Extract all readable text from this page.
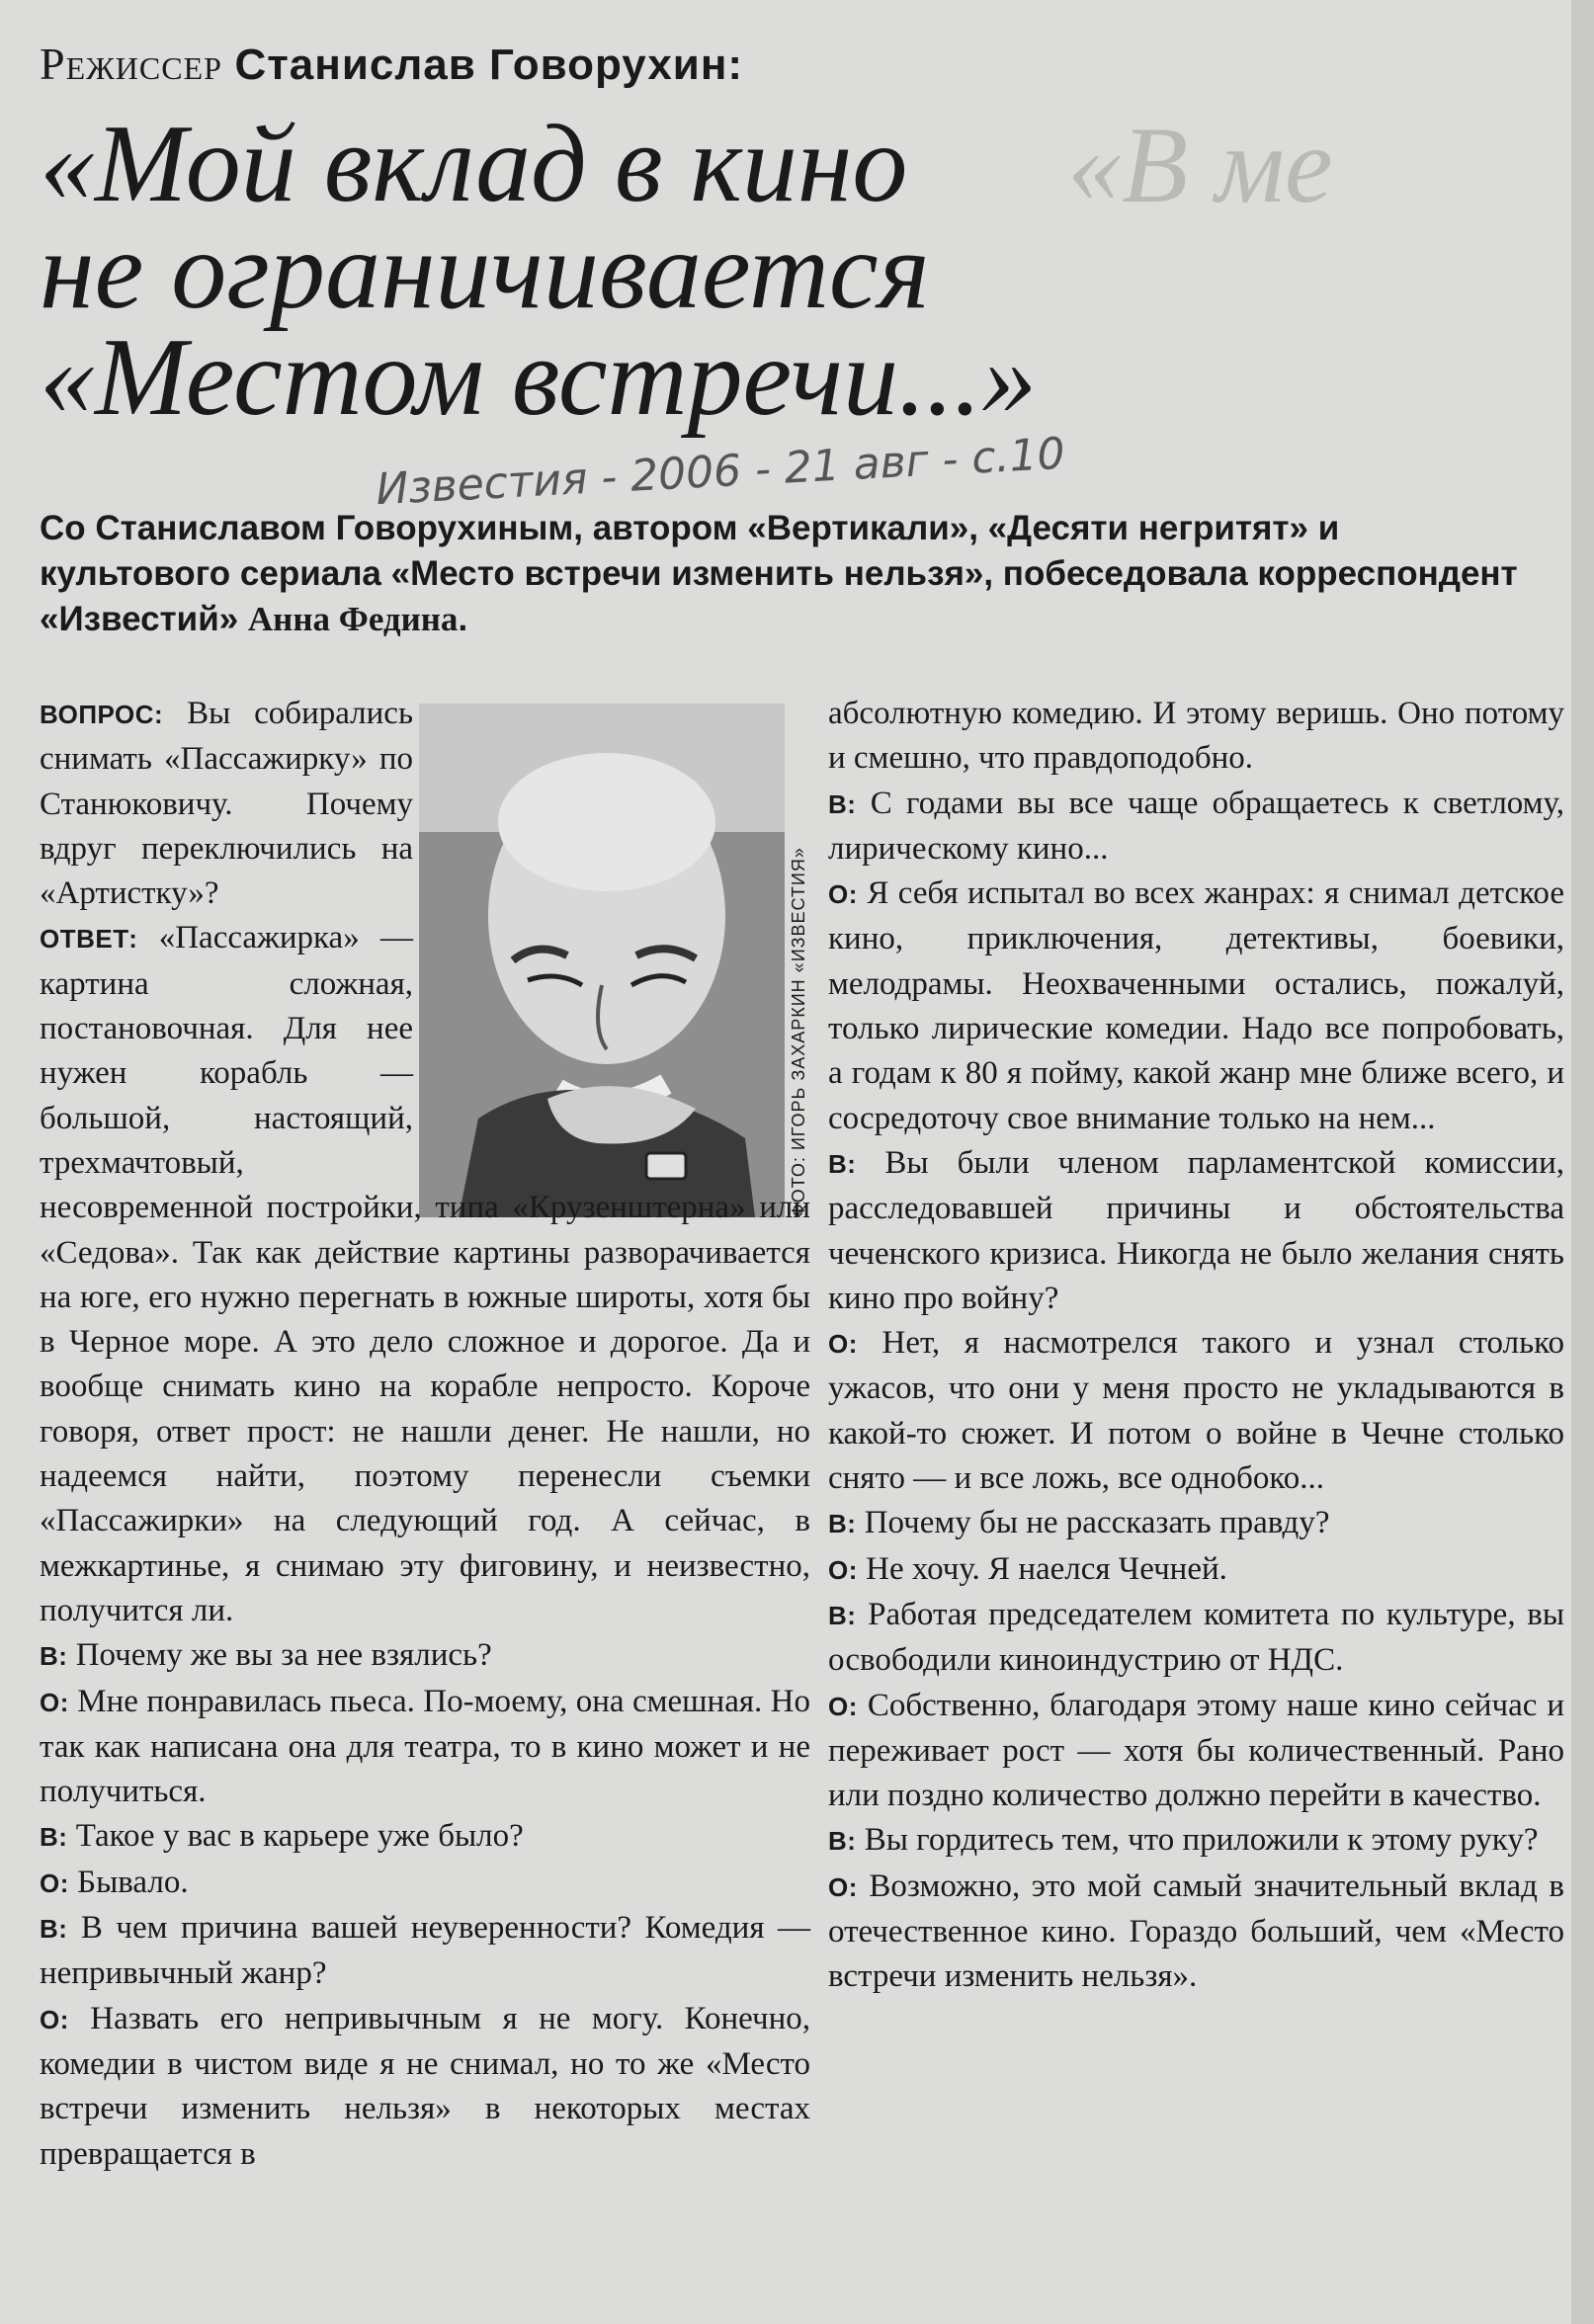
«В ме
Режиссер Станислав Говорухин:
«Мой вклад в кино
не ограничивается
«Местом встречи...»
Известия - 2006 - 21 авг - с.10
Со Станиславом Говорухиным, автором «Вертикали», «Десяти негритят» и культового сериала «Место встречи изменить нельзя», побеседовала корреспондент «Известий» Анна Федина.
ФОТО: ИГОРЬ ЗАХАРКИН «ИЗВЕСТИЯ»

ВОПРОС: Вы собирались снимать «Пассажирку» по Станюковичу. Почему вдруг переключились на «Артистку»?

ОТВЕТ: «Пассажирка» — картина сложная, постановочная. Для нее нужен корабль — большой, настоящий, трехмачтовый,

несовременной постройки, типа «Крузенштерна» или «Седова». Так как действие картины разворачивается на юге, его нужно перегнать в южные широты, хотя бы в Черное море. А это дело сложное и дорогое. Да и вообще снимать кино на корабле непросто. Короче говоря, ответ прост: не нашли денег. Не нашли, но надеемся найти, поэтому перенесли съемки «Пассажирки» на следующий год. А сейчас, в межкартинье, я снимаю эту фиговину, и неизвестно, получится ли.

В: Почему же вы за нее взялись?

О: Мне понравилась пьеса. По-моему, она смешная. Но так как написана она для театра, то в кино может и не получиться.

В: Такое у вас в карьере уже было?

О: Бывало.

В: В чем причина вашей неуверенности? Комедия — непривычный жанр?

О: Назвать его непривычным я не могу. Конечно, комедии в чистом виде я не снимал, но то же «Место встречи изменить нельзя» в некоторых местах превращается в

абсолютную комедию. И этому веришь. Оно потому и смешно, что правдоподобно.

В: С годами вы все чаще обращаетесь к светлому, лирическому кино...

О: Я себя испытал во всех жанрах: я снимал детское кино, приключения, детективы, боевики, мелодрамы. Неохваченными остались, пожалуй, только лирические комедии. Надо все попробовать, а годам к 80 я пойму, какой жанр мне ближе всего, и сосредоточу свое внимание только на нем...

В: Вы были членом парламентской комиссии, расследовавшей причины и обстоятельства чеченского кризиса. Никогда не было желания снять кино про войну?

О: Нет, я насмотрелся такого и узнал столько ужасов, что они у меня просто не укладываются в какой-то сюжет. И потом о войне в Чечне столько снято — и все ложь, все однобоко...

В: Почему бы не рассказать правду?

О: Не хочу. Я наелся Чечней.

В: Работая председателем комитета по культуре, вы освободили киноиндустрию от НДС.

О: Собственно, благодаря этому наше кино сейчас и переживает рост — хотя бы количественный. Рано или поздно количество должно перейти в качество.

В: Вы гордитесь тем, что приложили к этому руку?

О: Возможно, это мой самый значительный вклад в отечественное кино. Гораздо больший, чем «Место встречи изменить нельзя».
